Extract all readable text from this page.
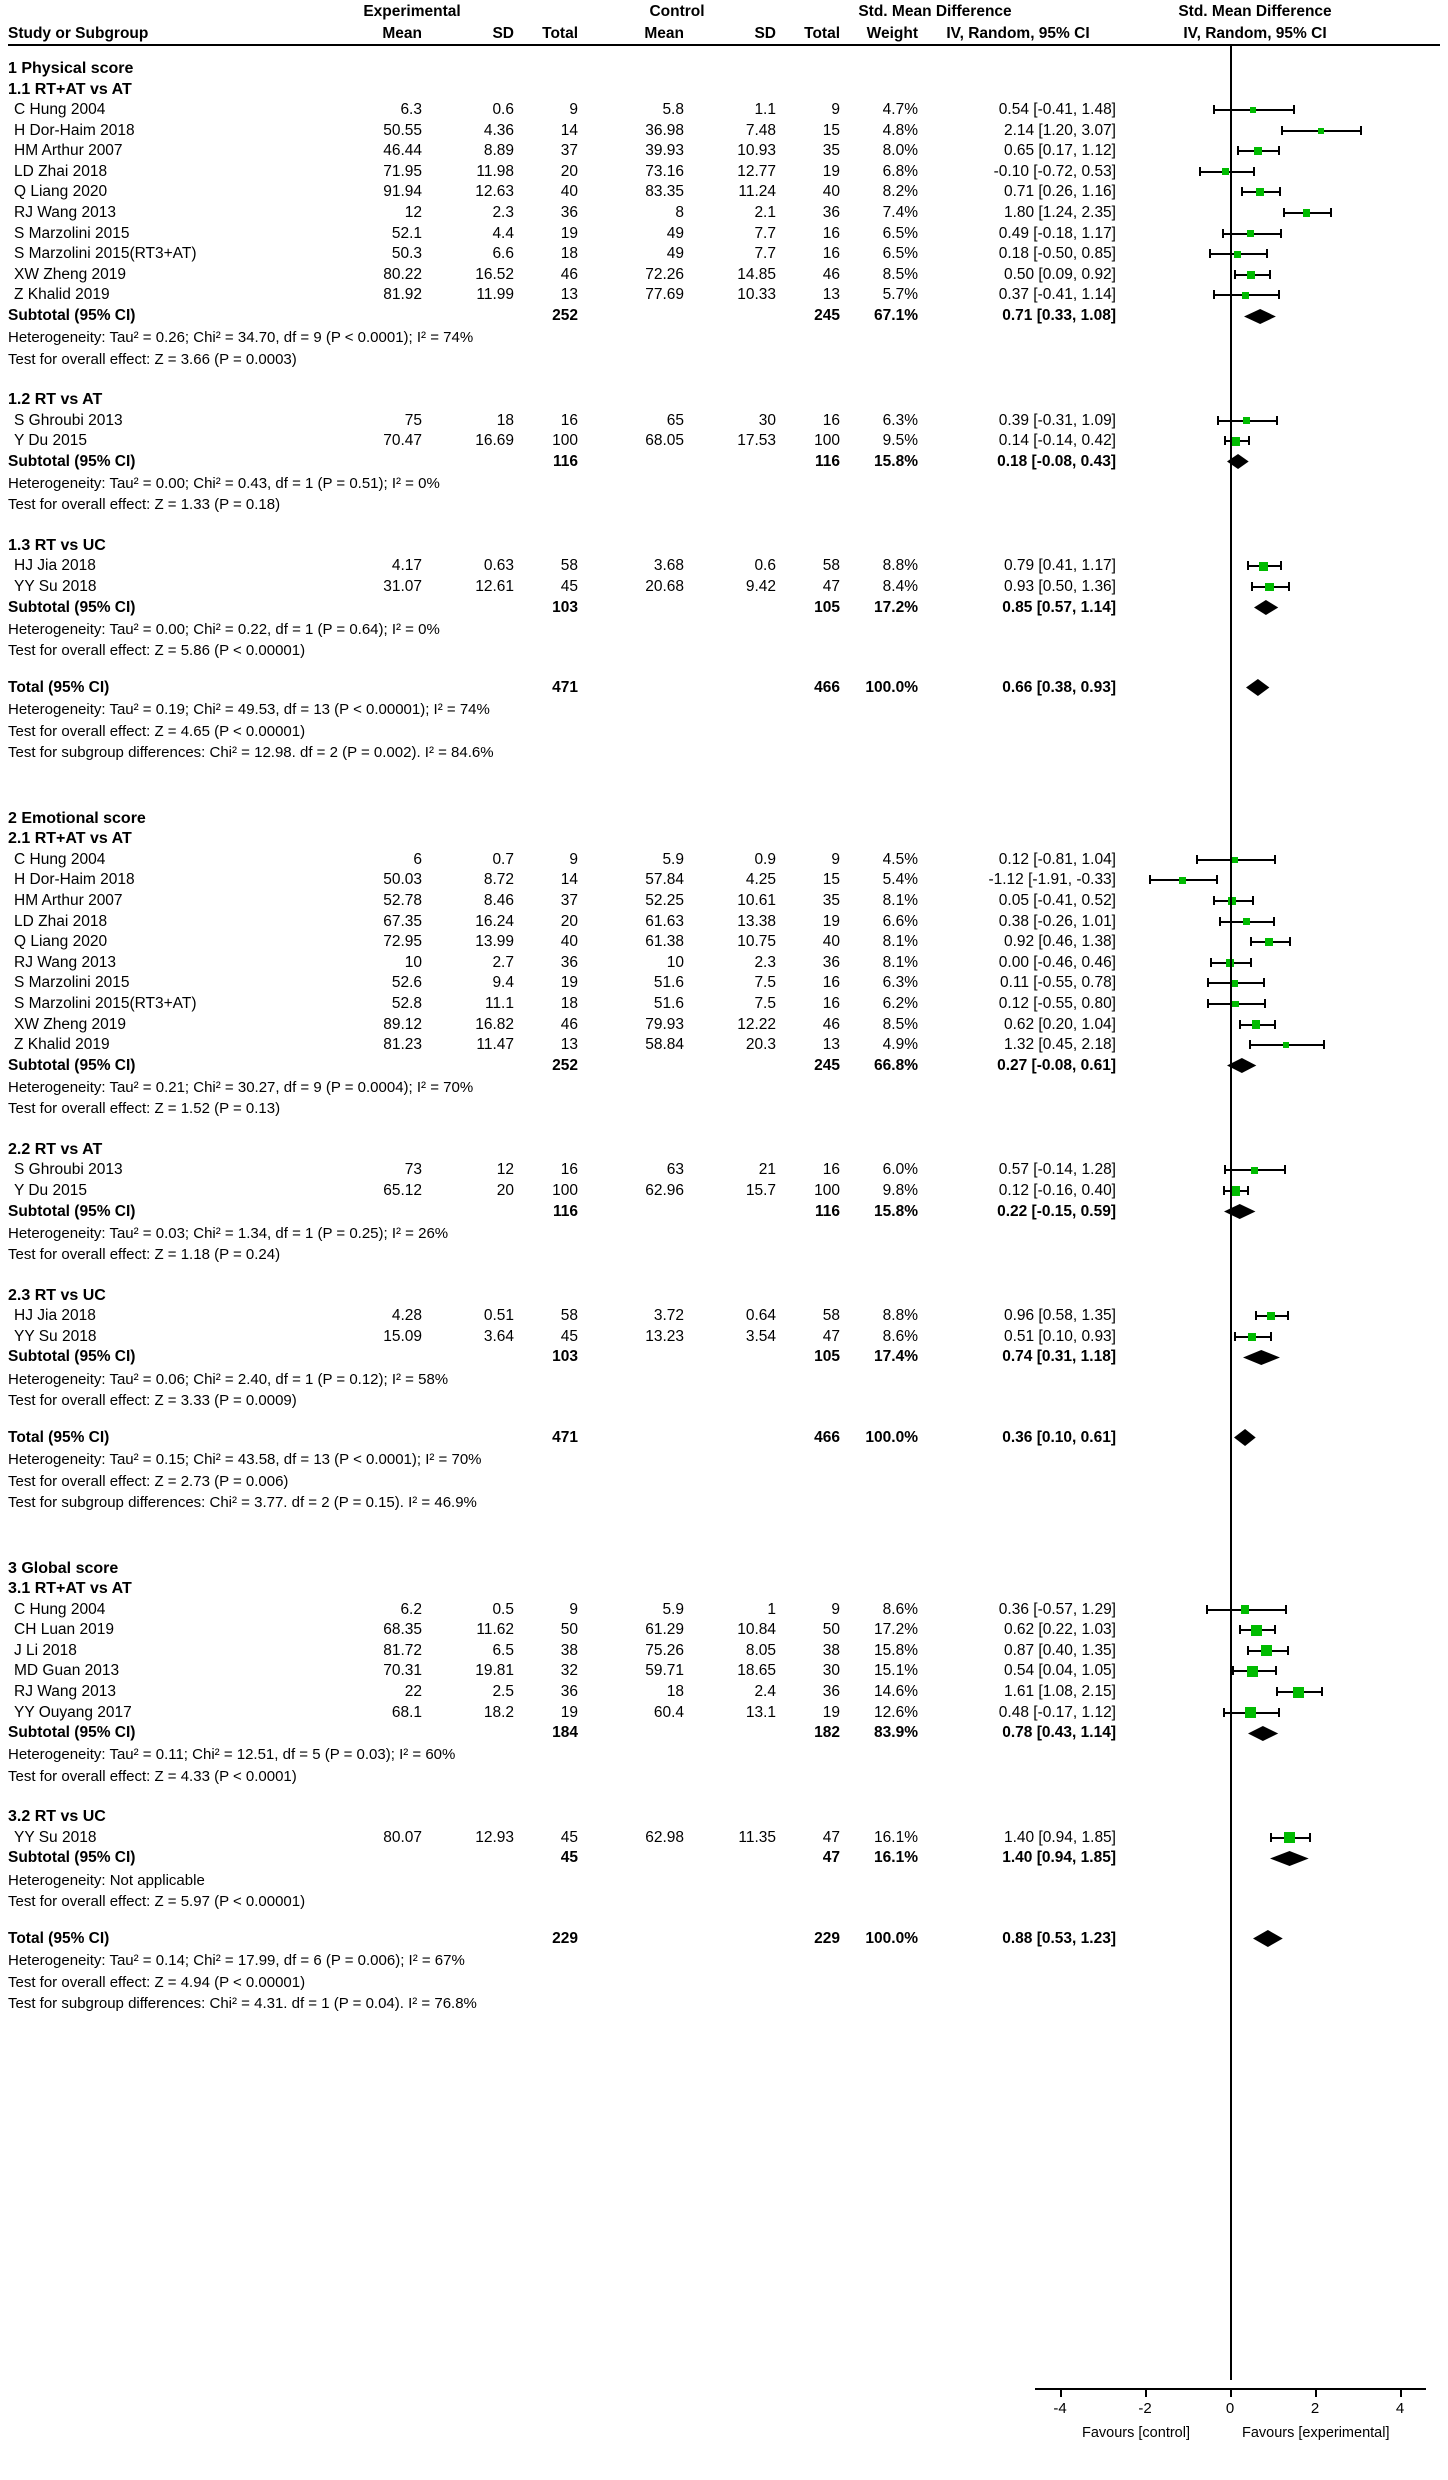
Experimental	Control	Std. Mean Difference	Std. Mean Difference
Study or Subgroup	Mean	SD	Total	Mean	SD	Total	Weight	IV, Random, 95% CI	IV, Random, 95% CI
1 Physical score
1.1 RT+AT vs AT
C Hung 2004	6.3	0.6	9	5.8	1.1	9	4.7%	0.54 [-0.41, 1.48]
H Dor-Haim 2018	50.55	4.36	14	36.98	7.48	15	4.8%	2.14 [1.20, 3.07]
HM Arthur 2007	46.44	8.89	37	39.93	10.93	35	8.0%	0.65 [0.17, 1.12]
LD Zhai 2018	71.95	11.98	20	73.16	12.77	19	6.8%	-0.10 [-0.72, 0.53]
Q Liang 2020	91.94	12.63	40	83.35	11.24	40	8.2%	0.71 [0.26, 1.16]
RJ Wang 2013	12	2.3	36	8	2.1	36	7.4%	1.80 [1.24, 2.35]
S Marzolini 2015	52.1	4.4	19	49	7.7	16	6.5%	0.49 [-0.18, 1.17]
S Marzolini 2015(RT3+AT)	50.3	6.6	18	49	7.7	16	6.5%	0.18 [-0.50, 0.85]
XW Zheng 2019	80.22	16.52	46	72.26	14.85	46	8.5%	0.50 [0.09, 0.92]
Z Khalid 2019	81.92	11.99	13	77.69	10.33	13	5.7%	0.37 [-0.41, 1.14]
Subtotal (95% CI)	252	245	67.1%	0.71 [0.33, 1.08]
Heterogeneity: Tau² = 0.26; Chi² = 34.70, df = 9 (P < 0.0001); I² = 74%
Test for overall effect: Z = 3.66 (P = 0.0003)
1.2 RT vs AT
S Ghroubi 2013	75	18	16	65	30	16	6.3%	0.39 [-0.31, 1.09]
Y Du 2015	70.47	16.69	100	68.05	17.53	100	9.5%	0.14 [-0.14, 0.42]
Subtotal (95% CI)	116	116	15.8%	0.18 [-0.08, 0.43]
Heterogeneity: Tau² = 0.00; Chi² = 0.43, df = 1 (P = 0.51); I² = 0%
Test for overall effect: Z = 1.33 (P = 0.18)
1.3 RT vs UC
HJ Jia 2018	4.17	0.63	58	3.68	0.6	58	8.8%	0.79 [0.41, 1.17]
YY Su 2018	31.07	12.61	45	20.68	9.42	47	8.4%	0.93 [0.50, 1.36]
Subtotal (95% CI)	103	105	17.2%	0.85 [0.57, 1.14]
Heterogeneity: Tau² = 0.00; Chi² = 0.22, df = 1 (P = 0.64); I² = 0%
Test for overall effect: Z = 5.86 (P < 0.00001)
Total (95% CI)	471	466	100.0%	0.66 [0.38, 0.93]
Heterogeneity: Tau² = 0.19; Chi² = 49.53, df = 13 (P < 0.00001); I² = 74%
Test for overall effect: Z = 4.65 (P < 0.00001)
Test for subgroup differences: Chi² = 12.98. df = 2 (P = 0.002). I² = 84.6%
2 Emotional score
2.1 RT+AT vs AT
C Hung 2004	6	0.7	9	5.9	0.9	9	4.5%	0.12 [-0.81, 1.04]
H Dor-Haim 2018	50.03	8.72	14	57.84	4.25	15	5.4%	-1.12 [-1.91, -0.33]
HM Arthur 2007	52.78	8.46	37	52.25	10.61	35	8.1%	0.05 [-0.41, 0.52]
LD Zhai 2018	67.35	16.24	20	61.63	13.38	19	6.6%	0.38 [-0.26, 1.01]
Q Liang 2020	72.95	13.99	40	61.38	10.75	40	8.1%	0.92 [0.46, 1.38]
RJ Wang 2013	10	2.7	36	10	2.3	36	8.1%	0.00 [-0.46, 0.46]
S Marzolini 2015	52.6	9.4	19	51.6	7.5	16	6.3%	0.11 [-0.55, 0.78]
S Marzolini 2015(RT3+AT)	52.8	11.1	18	51.6	7.5	16	6.2%	0.12 [-0.55, 0.80]
XW Zheng 2019	89.12	16.82	46	79.93	12.22	46	8.5%	0.62 [0.20, 1.04]
Z Khalid 2019	81.23	11.47	13	58.84	20.3	13	4.9%	1.32 [0.45, 2.18]
Subtotal (95% CI)	252	245	66.8%	0.27 [-0.08, 0.61]
Heterogeneity: Tau² = 0.21; Chi² = 30.27, df = 9 (P = 0.0004); I² = 70%
Test for overall effect: Z = 1.52 (P = 0.13)
2.2 RT vs AT
S Ghroubi 2013	73	12	16	63	21	16	6.0%	0.57 [-0.14, 1.28]
Y Du 2015	65.12	20	100	62.96	15.7	100	9.8%	0.12 [-0.16, 0.40]
Subtotal (95% CI)	116	116	15.8%	0.22 [-0.15, 0.59]
Heterogeneity: Tau² = 0.03; Chi² = 1.34, df = 1 (P = 0.25); I² = 26%
Test for overall effect: Z = 1.18 (P = 0.24)
2.3 RT vs UC
HJ Jia 2018	4.28	0.51	58	3.72	0.64	58	8.8%	0.96 [0.58, 1.35]
YY Su 2018	15.09	3.64	45	13.23	3.54	47	8.6%	0.51 [0.10, 0.93]
Subtotal (95% CI)	103	105	17.4%	0.74 [0.31, 1.18]
Heterogeneity: Tau² = 0.06; Chi² = 2.40, df = 1 (P = 0.12); I² = 58%
Test for overall effect: Z = 3.33 (P = 0.0009)
Total (95% CI)	471	466	100.0%	0.36 [0.10, 0.61]
Heterogeneity: Tau² = 0.15; Chi² = 43.58, df = 13 (P < 0.0001); I² = 70%
Test for overall effect: Z = 2.73 (P = 0.006)
Test for subgroup differences: Chi² = 3.77. df = 2 (P = 0.15). I² = 46.9%
3 Global score
3.1 RT+AT vs AT
C Hung 2004	6.2	0.5	9	5.9	1	9	8.6%	0.36 [-0.57, 1.29]
CH Luan 2019	68.35	11.62	50	61.29	10.84	50	17.2%	0.62 [0.22, 1.03]
J Li 2018	81.72	6.5	38	75.26	8.05	38	15.8%	0.87 [0.40, 1.35]
MD Guan 2013	70.31	19.81	32	59.71	18.65	30	15.1%	0.54 [0.04, 1.05]
RJ Wang 2013	22	2.5	36	18	2.4	36	14.6%	1.61 [1.08, 2.15]
YY Ouyang 2017	68.1	18.2	19	60.4	13.1	19	12.6%	0.48 [-0.17, 1.12]
Subtotal (95% CI)	184	182	83.9%	0.78 [0.43, 1.14]
Heterogeneity: Tau² = 0.11; Chi² = 12.51, df = 5 (P = 0.03); I² = 60%
Test for overall effect: Z = 4.33 (P < 0.0001)
3.2 RT vs UC
YY Su 2018	80.07	12.93	45	62.98	11.35	47	16.1%	1.40 [0.94, 1.85]
Subtotal (95% CI)	45	47	16.1%	1.40 [0.94, 1.85]
Heterogeneity: Not applicable
Test for overall effect: Z = 5.97 (P < 0.00001)
Total (95% CI)	229	229	100.0%	0.88 [0.53, 1.23]
Heterogeneity: Tau² = 0.14; Chi² = 17.99, df = 6 (P = 0.006); I² = 67%
Test for overall effect: Z = 4.94 (P < 0.00001)
Test for subgroup differences: Chi² = 4.31. df = 1 (P = 0.04). I² = 76.8%
-4	-2	0	2	4
Favours [control]	Favours [experimental]
